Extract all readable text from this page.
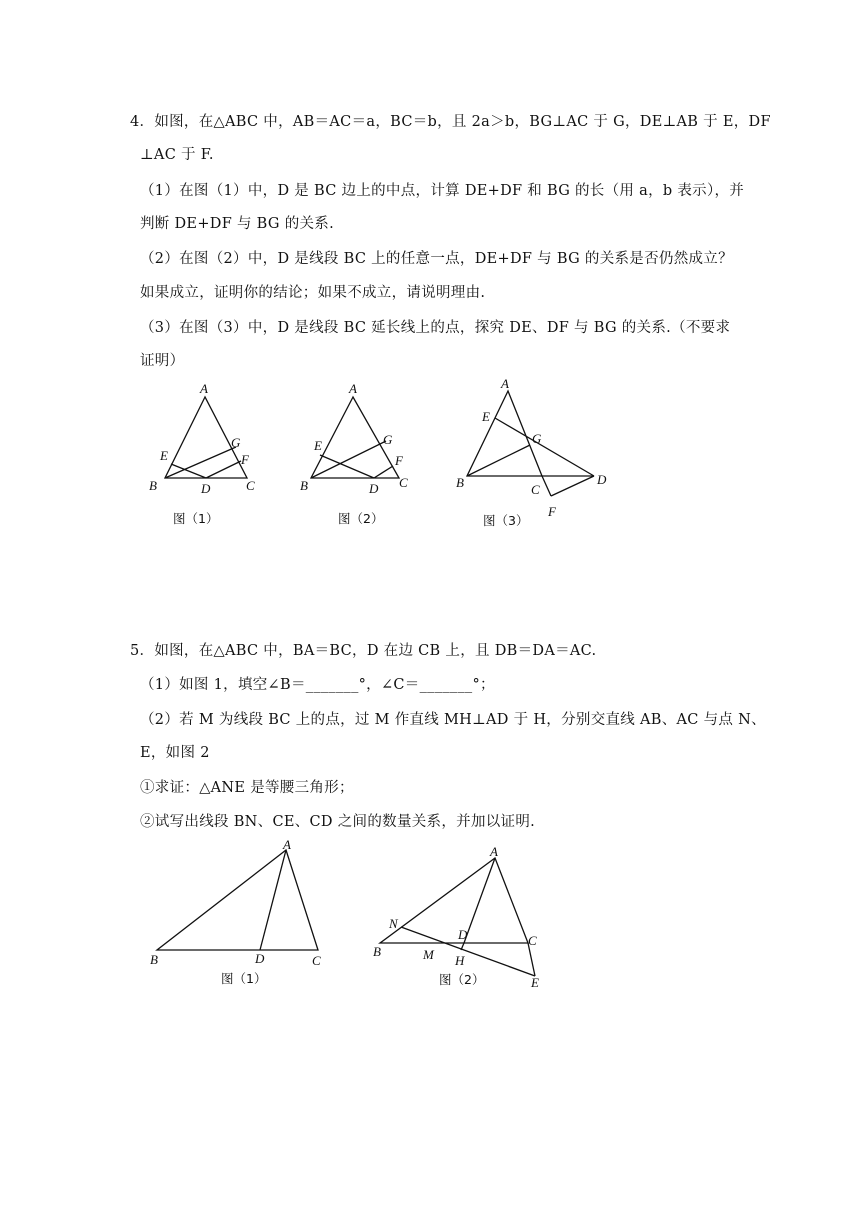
4．如图，在△ABC 中，AB＝AC＝a，BC＝b，且 2a＞b，BG⊥AC 于 G，DE⊥AB 于 E，DF
⊥AC 于 F.
（1）在图（1）中，D 是 BC 边上的中点，计算 DE+DF 和 BG 的长（用 a，b 表示），并
判断 DE+DF 与 BG 的关系.
（2）在图（2）中，D 是线段 BC 上的任意一点，DE+DF 与 BG 的关系是否仍然成立？
如果成立，证明你的结论；如果不成立，请说明理由.
（3）在图（3）中，D 是线段 BC 延长线上的点，探究 DE、DF 与 BG 的关系.（不要求
证明）
A
E
G
F
B	D	C
图（1）
A
E	G
F
B	D C
图（2）
A
E
G
B	C
D
F
图（3）
5．如图，在△ABC 中，BA＝BC，D 在边 CB 上，且 DB＝DA＝AC.
（1）如图 1，填空∠B＝_______°，∠C＝_______°；
（2）若 M 为线段 BC 上的点，过 M 作直线 MH⊥AD 于 H，分别交直线 AB、AC 与点 N、
E，如图 2
①求证：△ANE 是等腰三角形；
②试写出线段 BN、CE、CD 之间的数量关系，并加以证明.
A
B	D	C
图（1）
A
N
D	C
B	M H
E
图（2）
